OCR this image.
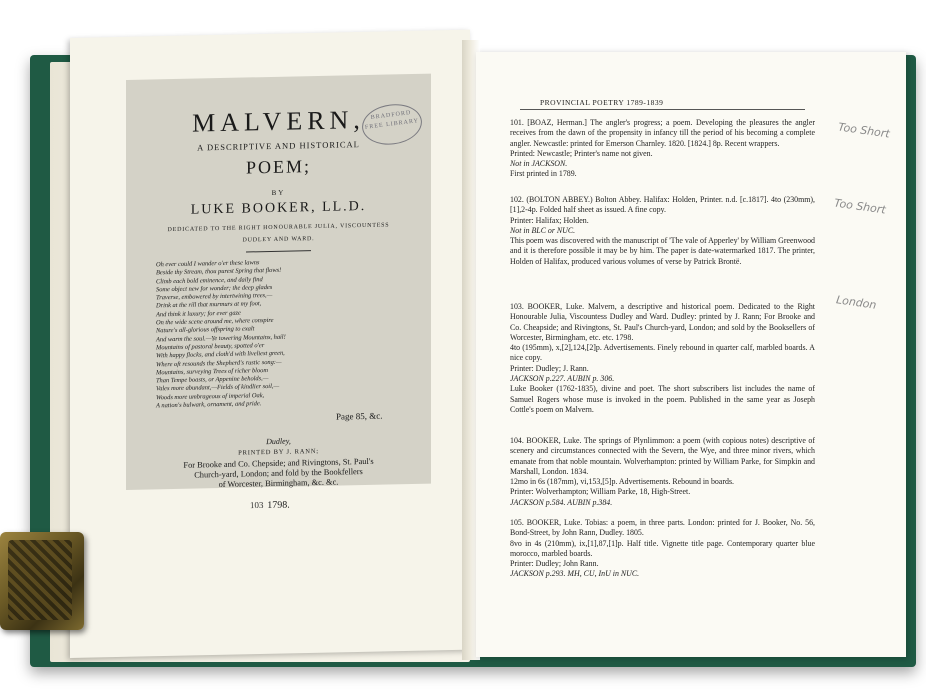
MALVERN, BRADFORD FREE LIBRARY
A DESCRIPTIVE AND HISTORICAL
POEM;
BY
LUKE BOOKER, LL.D.
DEDICATED TO THE RIGHT HONOURABLE JULIA, VISCOUNTESS
DUDLEY AND WARD.
Oh ever could I wander o'er these lawns
Beside thy Stream, thou purest Spring that flows!
Climb each bold eminence, and daily find
Some object new for wonder; the deep glades
Traverse, embowered by intertwining trees,—
Drink at the rill that murmurs at my foot,
And think it luxury; for ever gaze
On the wide scene around me, where conspire
Nature's all-glorious offspring to exalt
And warm the soul.—Ye towering Mountains, hail!
Mountains of pastoral beauty, spotted o'er
With happy flocks, and cloth'd with liveliest green,
Where oft resounds the Shepherd's rustic song:—
Mountains, surveying Trees of richer bloom
Than Tempe boasts, or Appenine beholds,—
Vales more abundant,—Fields of kindlier soil,—
Woods more umbrageous of imperial Oak,
A nation's bulwark, ornament, and pride.
Page 85, &c.
Dudley,
PRINTED BY J. RANN;
For Brooke and Co. Chepside; and Rivingtons, St. Paul's
Church-yard, London; and fold by the Bookfellers
of Worcester, Birmingham, &c. &c.
1798.
103
PROVINCIAL POETRY 1789-1839

101. [BOAZ, Herman.] The angler's progress; a poem. Developing the pleasures the angler receives from the dawn of the propensity in infancy till the period of his becoming a complete angler. Newcastle: printed for Emerson Charnley. 1820. [1824.] 8p. Recent wrappers.

Printed: Newcastle; Printer's name not given.

Not in JACKSON.

First printed in 1789.

102. (BOLTON ABBEY.) Bolton Abbey. Halifax: Holden, Printer. n.d. [c.1817]. 4to (230mm), [1],2-4p. Folded half sheet as issued. A fine copy.

Printer: Halifax; Holden.

Not in BLC or NUC.

This poem was discovered with the manuscript of 'The vale of Apperley' by William Greenwood and it is therefore possible it may be by him. The paper is date-watermarked 1817. The printer, Holden of Halifax, produced various volumes of verse by Patrick Brontë.

103. BOOKER, Luke. Malvern, a descriptive and historical poem. Dedicated to the Right Honourable Julia, Viscountess Dudley and Ward. Dudley: printed by J. Rann; For Brooke and Co. Cheapside; and Rivingtons, St. Paul's Church-yard, London; and sold by the Booksellers of Worcester, Birmingham, etc. etc. 1798.

4to (195mm), x,[2],124,[2]p. Advertisements. Finely rebound in quarter calf, marbled boards. A nice copy.

Printer: Dudley; J. Rann.

JACKSON p.227. AUBIN p. 306.

Luke Booker (1762-1835), divine and poet. The short subscribers list includes the name of Samuel Rogers whose muse is invoked in the poem. Published in the same year as Joseph Cottle's poem on Malvern.

104. BOOKER, Luke. The springs of Plynlimmon: a poem (with copious notes) descriptive of scenery and circumstances connected with the Severn, the Wye, and three minor rivers, which emanate from that noble mountain. Wolverhampton: printed by William Parke, for Simpkin and Marshall, London. 1834.

12mo in 6s (187mm), vi,153,[5]p. Advertisements. Rebound in boards.

Printer: Wolverhampton; William Parke, 18, High-Street.

JACKSON p.584. AUBIN p.384.

105. BOOKER, Luke. Tobias: a poem, in three parts. London: printed for J. Booker, No. 56, Bond-Street, by John Rann, Dudley. 1805.

8vo in 4s (210mm), ix,[1],87,[1]p. Half title. Vignette title page. Contemporary quarter blue morocco, marbled boards.

Printer: Dudley; John Rann.

JACKSON p.293. MH, CU, InU in NUC.

Too Short
Too Short
London
